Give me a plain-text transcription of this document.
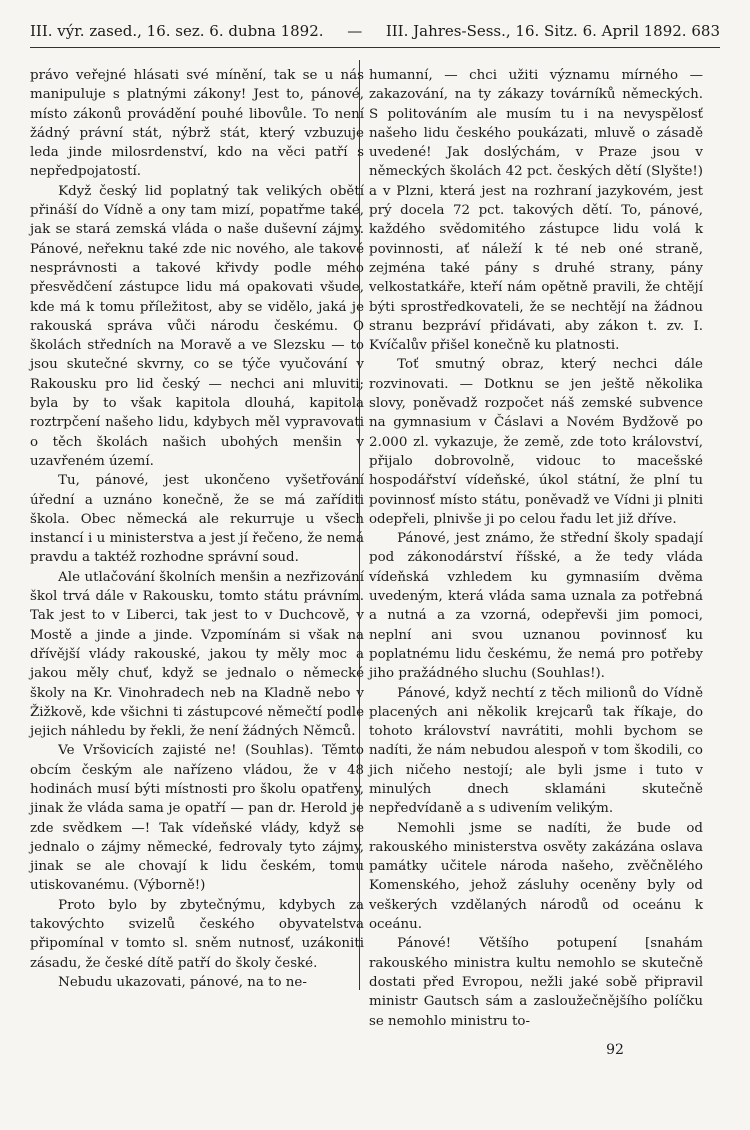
III. výr. zased., 16. sez. 6. dubna 1892.	—	III. Jahres-Sess., 16. Sitz. 6. April 1892. 683

právo veřejné hlásati své mínění, tak se u nás manipuluje s platnými zákony! Jest to, pánové, místo zákonů provádění pouhé libovůle. To není žádný právní stát, nýbrž stát, který vzbuzuje leda jinde milosrdenství, kdo na věci patří s nepředpojatostí.

Když český lid poplatný tak velikých obětí přináší do Vídně a ony tam mizí, popatřme také, jak se stará zemská vláda o naše duševní zájmy. Pánové, neřeknu také zde nic nového, ale takové nesprávnosti a takové křivdy podle mého přesvědčení zástupce lidu má opakovati všude, kde má k tomu příležitost, aby se vidělo, jaká je rakouská správa vůči národu českému. O školách středních na Moravě a ve Slezsku — to jsou skutečné skvrny, co se týče vyučování v Rakousku pro lid český — nechci ani mluviti; byla by to však kapitola dlouhá, kapitola roztrpčení našeho lidu, kdybych měl vypravovati o těch školách našich ubohých menšin v uzavřeném území.

Tu, pánové, jest ukončeno vyšetřování úřední a uznáno konečně, že se má zaříditi škola. Obec německá ale rekurruje u všech instancí i u ministerstva a jest jí řečeno, že nemá pravdu a taktéž rozhodne správní soud.

Ale utlačování školních menšin a nezřizování škol trvá dále v Rakousku, tomto státu právním. Tak jest to v Liberci, tak jest to v Duchcově, v Mostě a jinde a jinde. Vzpomínám si však na dřívější vlády rakouské, jakou ty měly moc a jakou měly chuť, když se jednalo o německé školy na Kr. Vinohradech neb na Kladně nebo v Žižkově, kde všichni ti zástupcové němečtí podle jejich náhledu by řekli, že není žádných Němců.

Ve Vršovicích zajisté ne! (Souhlas). Těmto obcím českým ale nařízeno vládou, že v 48 hodinách musí býti místnosti pro školu opatřeny, jinak že vláda sama je opatří — pan dr. Herold je zde svědkem —! Tak vídeňské vlády, když se jednalo o zájmy německé, fedrovaly tyto zájmy, jinak se ale chovají k lidu českém, tomu utiskovanému. (Výborně!)

Proto bylo by zbytečnýmu, kdybych za takovýchto svizelů českého obyvatelstva připomínal v tomto sl. sněm nutnosť, uzákoniti zásadu, že české dítě patří do školy české.

Nebudu ukazovati, pánové, na to ne-

humanní, — chci užiti významu mírného — zakazování, na ty zákazy továrníků německých. S politováním ale musím tu i na nevyspělosť našeho lidu českého poukázati, mluvě o zásadě uvedené! Jak doslýchám, v Praze jsou v německých školách 42 pct. českých dětí (Slyšte!) a v Plzni, která jest na rozhraní jazykovém, jest prý docela 72 pct. takových dětí. To, pánové, každého svědomitého zástupce lidu volá k povinnosti, ať náleží k té neb oné straně, zejména také pány s druhé strany, pány velkostatkáře, kteří nám opětně pravili, že chtějí býti sprostředkovateli, že se nechtějí na žádnou stranu bezpráví přidávati, aby zákon t. zv. I. Kvíčalův přišel konečně ku platnosti.

Toť smutný obraz, který nechci dále rozvinovati. — Dotknu se jen ještě několika slovy, poněvadž rozpočet náš zemské subvence na gymnasium v Čáslavi a Novém Bydžově po 2.000 zl. vykazuje, že země, zde toto království, přijalo dobrovolně, vidouc to macešské hospodářství vídeňské, úkol státní, že plní tu povinnosť místo státu, poněvadž ve Vídni ji plniti odepřeli, plnivše ji po celou řadu let již dříve.

Pánové, jest známo, že střední školy spadají pod zákonodárství říšské, a že tedy vláda vídeňská vzhledem ku gymnasiím dvěma uvedeným, která vláda sama uznala za potřebná a nutná a za vzorná, odepřevši jim pomoci, neplní ani svou uznanou povinnosť ku poplatnému lidu českému, že nemá pro potřeby jiho pražádného sluchu (Souhlas!).

Pánové, když nechtí z těch milionů do Vídně placených ani několik krejcarů tak říkaje, do tohoto království navrátiti, mohli bychom se nadíti, že nám nebudou alespoň v tom škodili, co jich ničeho nestojí; ale byli jsme i tuto v minulých dnech sklamáni skutečně nepředvídaně a s udivením velikým.

Nemohli jsme se nadíti, že bude od rakouského ministerstva osvěty zakázána oslava památky učitele národa našeho, zvěčnělého Komenského, jehož zásluhy oceněny byly od veškerých vzdělaných národů od oceánu k oceánu.

Pánové! Většího potupení [snahám rakouského ministra kultu nemohlo se skutečně dostati před Evropou, nežli jaké sobě připravil ministr Gautsch sám a zasloužečnějšího políčku se nemohlo ministru to-

92
